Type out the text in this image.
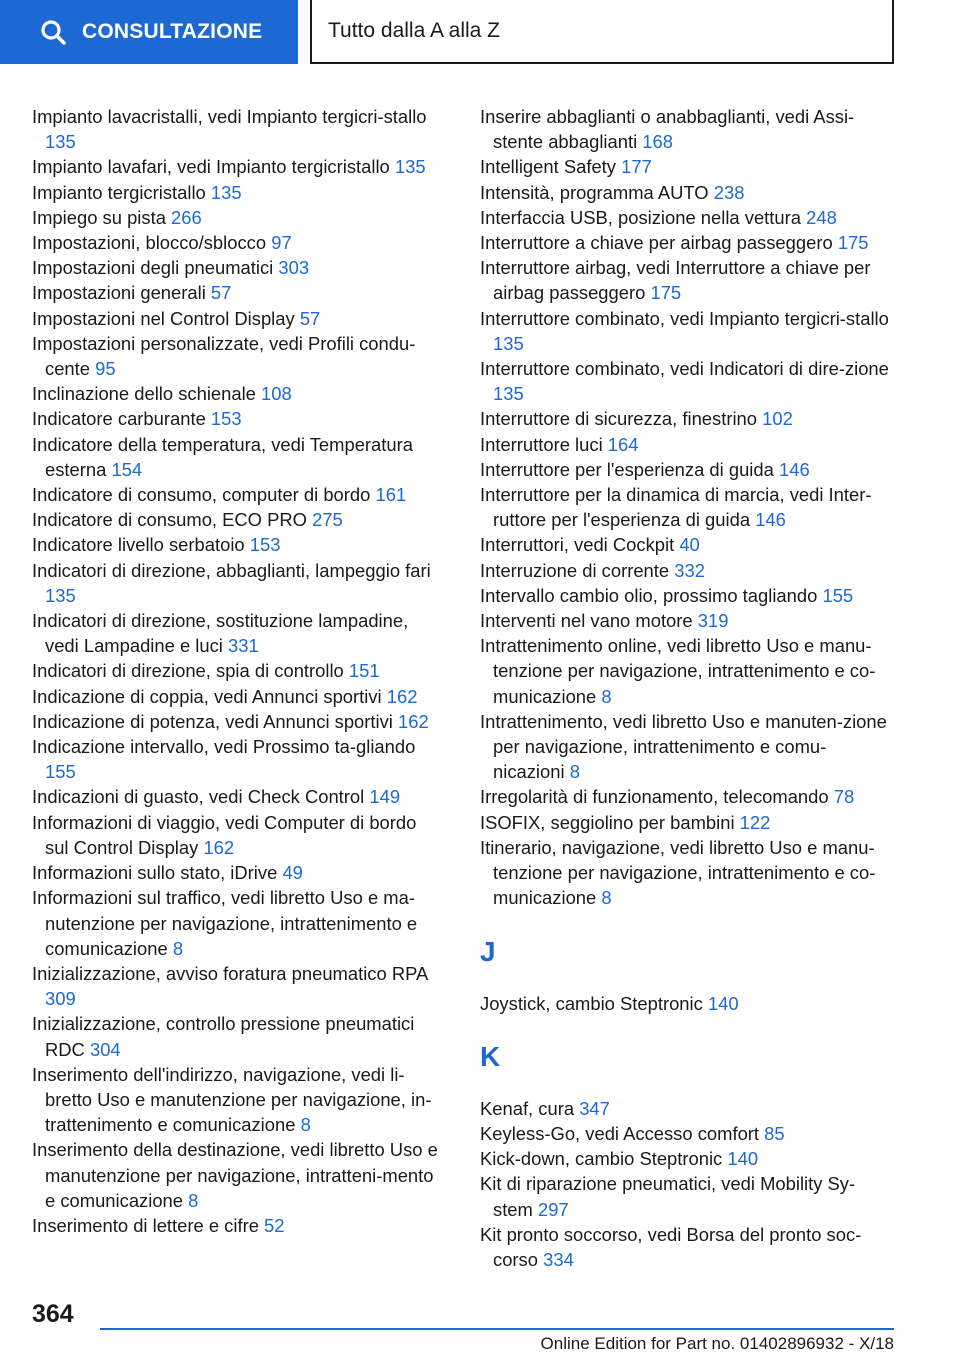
CONSULTAZIONE	Tutto dalla A alla Z

Impianto lavacristalli, vedi Impianto tergicri-stallo 135

Impianto lavafari, vedi Impianto tergicristallo 135

Impianto tergicristallo 135

Impiego su pista 266

Impostazioni, blocco/sblocco 97

Impostazioni degli pneumatici 303

Impostazioni generali 57

Impostazioni nel Control Display 57

Impostazioni personalizzate, vedi Profili condu-cente 95

Inclinazione dello schienale 108

Indicatore carburante 153

Indicatore della temperatura, vedi Temperatura esterna 154

Indicatore di consumo, computer di bordo 161

Indicatore di consumo, ECO PRO 275

Indicatore livello serbatoio 153

Indicatori di direzione, abbaglianti, lampeggio fari 135

Indicatori di direzione, sostituzione lampadine, vedi Lampadine e luci 331

Indicatori di direzione, spia di controllo 151

Indicazione di coppia, vedi Annunci sportivi 162

Indicazione di potenza, vedi Annunci sportivi 162

Indicazione intervallo, vedi Prossimo ta-gliando 155

Indicazioni di guasto, vedi Check Control 149

Informazioni di viaggio, vedi Computer di bordo sul Control Display 162

Informazioni sullo stato, iDrive 49

Informazioni sul traffico, vedi libretto Uso e ma-nutenzione per navigazione, intrattenimento e comunicazione 8

Inizializzazione, avviso foratura pneumatico RPA 309

Inizializzazione, controllo pressione pneumatici RDC 304

Inserimento dell'indirizzo, navigazione, vedi li-bretto Uso e manutenzione per navigazione, in-trattenimento e comunicazione 8

Inserimento della destinazione, vedi libretto Uso e manutenzione per navigazione, intratteni-mento e comunicazione 8

Inserimento di lettere e cifre 52

Inserire abbaglianti o anabbaglianti, vedi Assi-stente abbaglianti 168

Intelligent Safety 177

Intensità, programma AUTO 238

Interfaccia USB, posizione nella vettura 248

Interruttore a chiave per airbag passeggero 175

Interruttore airbag, vedi Interruttore a chiave per airbag passeggero 175

Interruttore combinato, vedi Impianto tergicri-stallo 135

Interruttore combinato, vedi Indicatori di dire-zione 135

Interruttore di sicurezza, finestrino 102

Interruttore luci 164

Interruttore per l'esperienza di guida 146

Interruttore per la dinamica di marcia, vedi Inter-ruttore per l'esperienza di guida 146

Interruttori, vedi Cockpit 40

Interruzione di corrente 332

Intervallo cambio olio, prossimo tagliando 155

Interventi nel vano motore 319

Intrattenimento online, vedi libretto Uso e manu-tenzione per navigazione, intrattenimento e co-municazione 8

Intrattenimento, vedi libretto Uso e manuten-zione per navigazione, intrattenimento e comu-nicazioni 8

Irregolarità di funzionamento, telecomando 78

ISOFIX, seggiolino per bambini 122

Itinerario, navigazione, vedi libretto Uso e manu-tenzione per navigazione, intrattenimento e co-municazione 8

J

Joystick, cambio Steptronic 140

K

Kenaf, cura 347

Keyless-Go, vedi Accesso comfort 85

Kick-down, cambio Steptronic 140

Kit di riparazione pneumatici, vedi Mobility Sy-stem 297

Kit pronto soccorso, vedi Borsa del pronto soc-corso 334

364
Online Edition for Part no. 01402896932 - X/18
